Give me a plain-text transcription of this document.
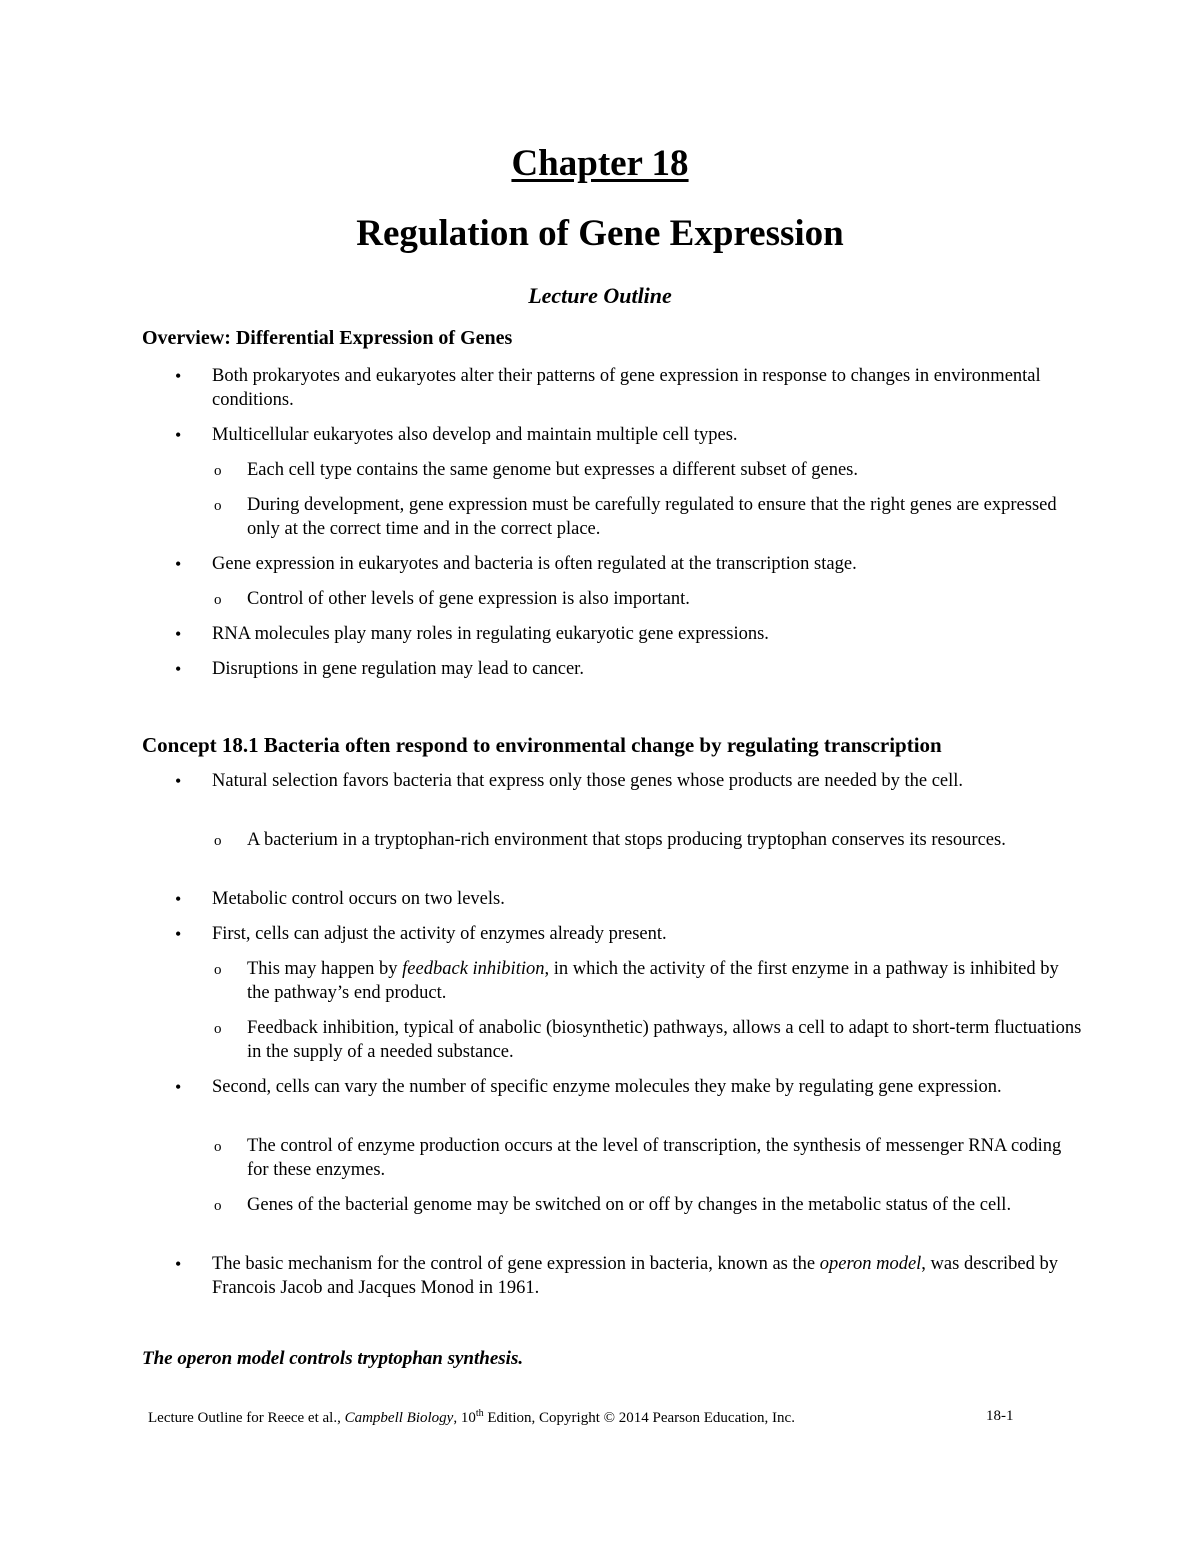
Chapter 18
Regulation of Gene Expression
Lecture Outline
Overview: Differential Expression of Genes
• Both prokaryotes and eukaryotes alter their patterns of gene expression in response to changes in environmental conditions.
• Multicellular eukaryotes also develop and maintain multiple cell types.
o Each cell type contains the same genome but expresses a different subset of genes.
o During development, gene expression must be carefully regulated to ensure that the right genes are expressed only at the correct time and in the correct place.
• Gene expression in eukaryotes and bacteria is often regulated at the transcription stage.
o Control of other levels of gene expression is also important.
• RNA molecules play many roles in regulating eukaryotic gene expressions.
• Disruptions in gene regulation may lead to cancer.
Concept 18.1 Bacteria often respond to environmental change by regulating transcription
• Natural selection favors bacteria that express only those genes whose products are needed by the cell.
o A bacterium in a tryptophan-rich environment that stops producing tryptophan conserves its resources.
• Metabolic control occurs on two levels.
• First, cells can adjust the activity of enzymes already present.
o This may happen by feedback inhibition, in which the activity of the first enzyme in a pathway is inhibited by the pathway’s end product.
o Feedback inhibition, typical of anabolic (biosynthetic) pathways, allows a cell to adapt to short-term fluctuations in the supply of a needed substance.
• Second, cells can vary the number of specific enzyme molecules they make by regulating gene expression.
o The control of enzyme production occurs at the level of transcription, the synthesis of messenger RNA coding for these enzymes.
o Genes of the bacterial genome may be switched on or off by changes in the metabolic status of the cell.
• The basic mechanism for the control of gene expression in bacteria, known as the operon model, was described by Francois Jacob and Jacques Monod in 1961.
The operon model controls tryptophan synthesis.
Lecture Outline for Reece et al., Campbell Biology, 10th Edition, Copyright © 2014 Pearson Education, Inc.	18-1
